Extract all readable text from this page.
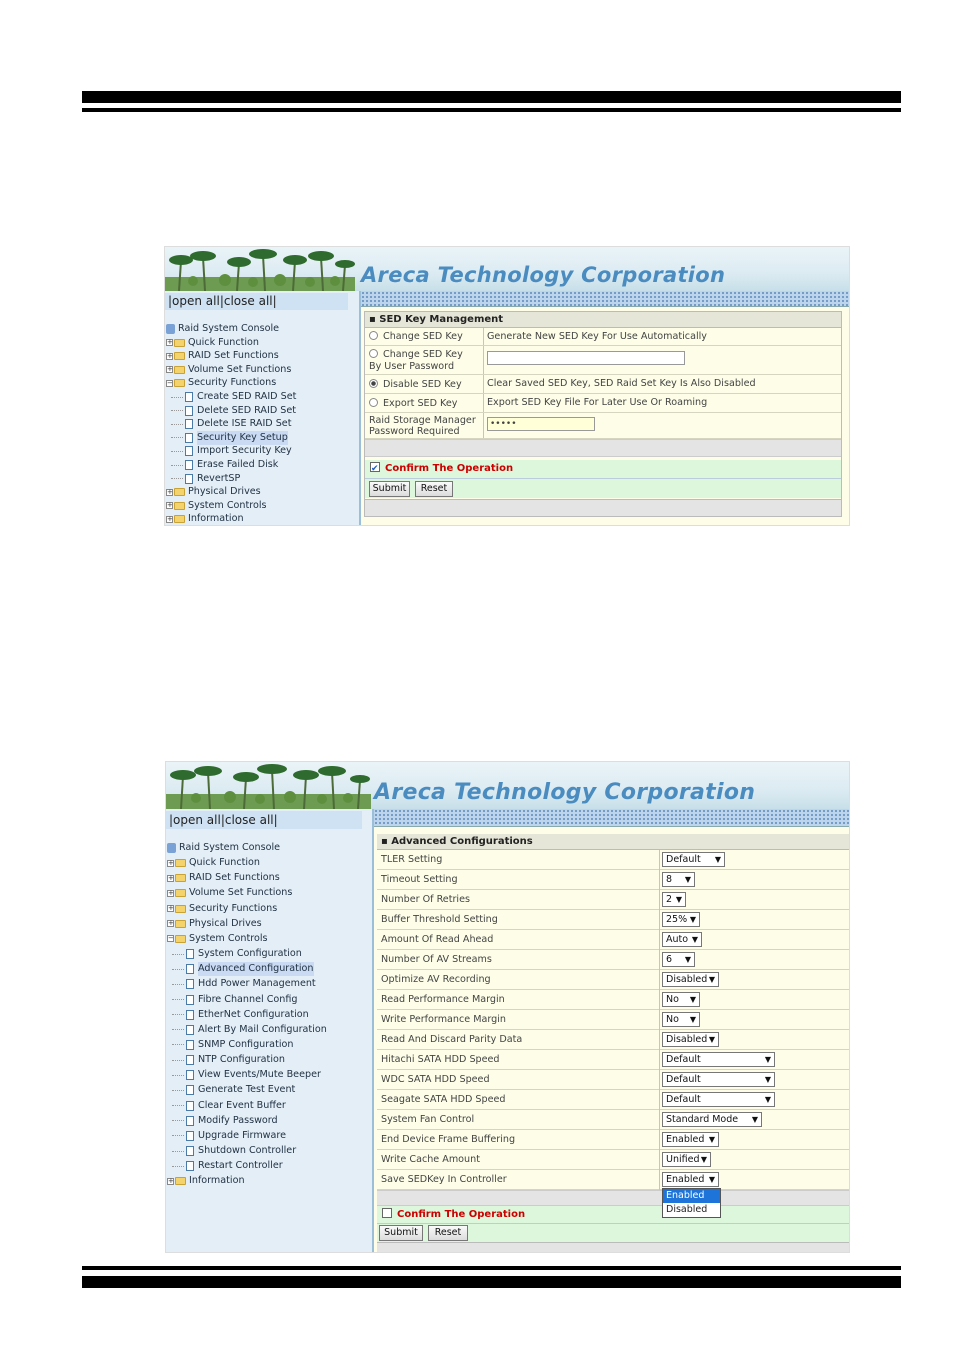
Areca Technology Corporation
|open all|close all|
Raid System Console
+ Quick Function
+ RAID Set Functions
+ Volume Set Functions
− Security Functions
Create SED RAID Set
Delete SED RAID Set
Delete ISE RAID Set
Security Key Setup
Import Security Key
Erase Failed Disk
RevertSP
+ Physical Drives
+ System Controls
+ Information
▪ SED Key Management
Change SED Key	Generate New SED Key For Use Automatically
Change SED Key
By User Password
Disable SED Key	Clear Saved SED Key, SED Raid Set Key Is Also Disabled
Export SED Key	Export SED Key File For Later Use Or Roaming
Raid Storage Manager
Password Required
•••••
✔Confirm The Operation
Submit	Reset
Areca Technology Corporation
|open all|close all|
Raid System Console
+ Quick Function
+ RAID Set Functions
+ Volume Set Functions
+ Security Functions
+ Physical Drives
− System Controls
System Configuration
Advanced Configuration
Hdd Power Management
Fibre Channel Config
EtherNet Configuration
Alert By Mail Configuration
SNMP Configuration
NTP Configuration
View Events/Mute Beeper
Generate Test Event
Clear Event Buffer
Modify Password
Upgrade Firmware
Shutdown Controller
Restart Controller
+ Information
▪ Advanced Configurations
TLER Setting	Default ▼
Timeout Setting	8 ▼
Number Of Retries	2 ▼
Buffer Threshold Setting	25% ▼
Amount Of Read Ahead	Auto ▼
Number Of AV Streams	6 ▼
Optimize AV Recording	Disabled ▼
Read Performance Margin	No ▼
Write Performance Margin	No ▼
Read And Discard Parity Data	Disabled ▼
Hitachi SATA HDD Speed	Default	▼
WDC SATA HDD Speed	Default	▼
Seagate SATA HDD Speed	Default	▼
System Fan Control	Standard Mode ▼
End Device Frame Buffering	Enabled ▼
Write Cache Amount	Unified ▼
Save SEDKey In Controller	Enabled ▼
Enabled
Disabled
Confirm The Operation
Submit	Reset
